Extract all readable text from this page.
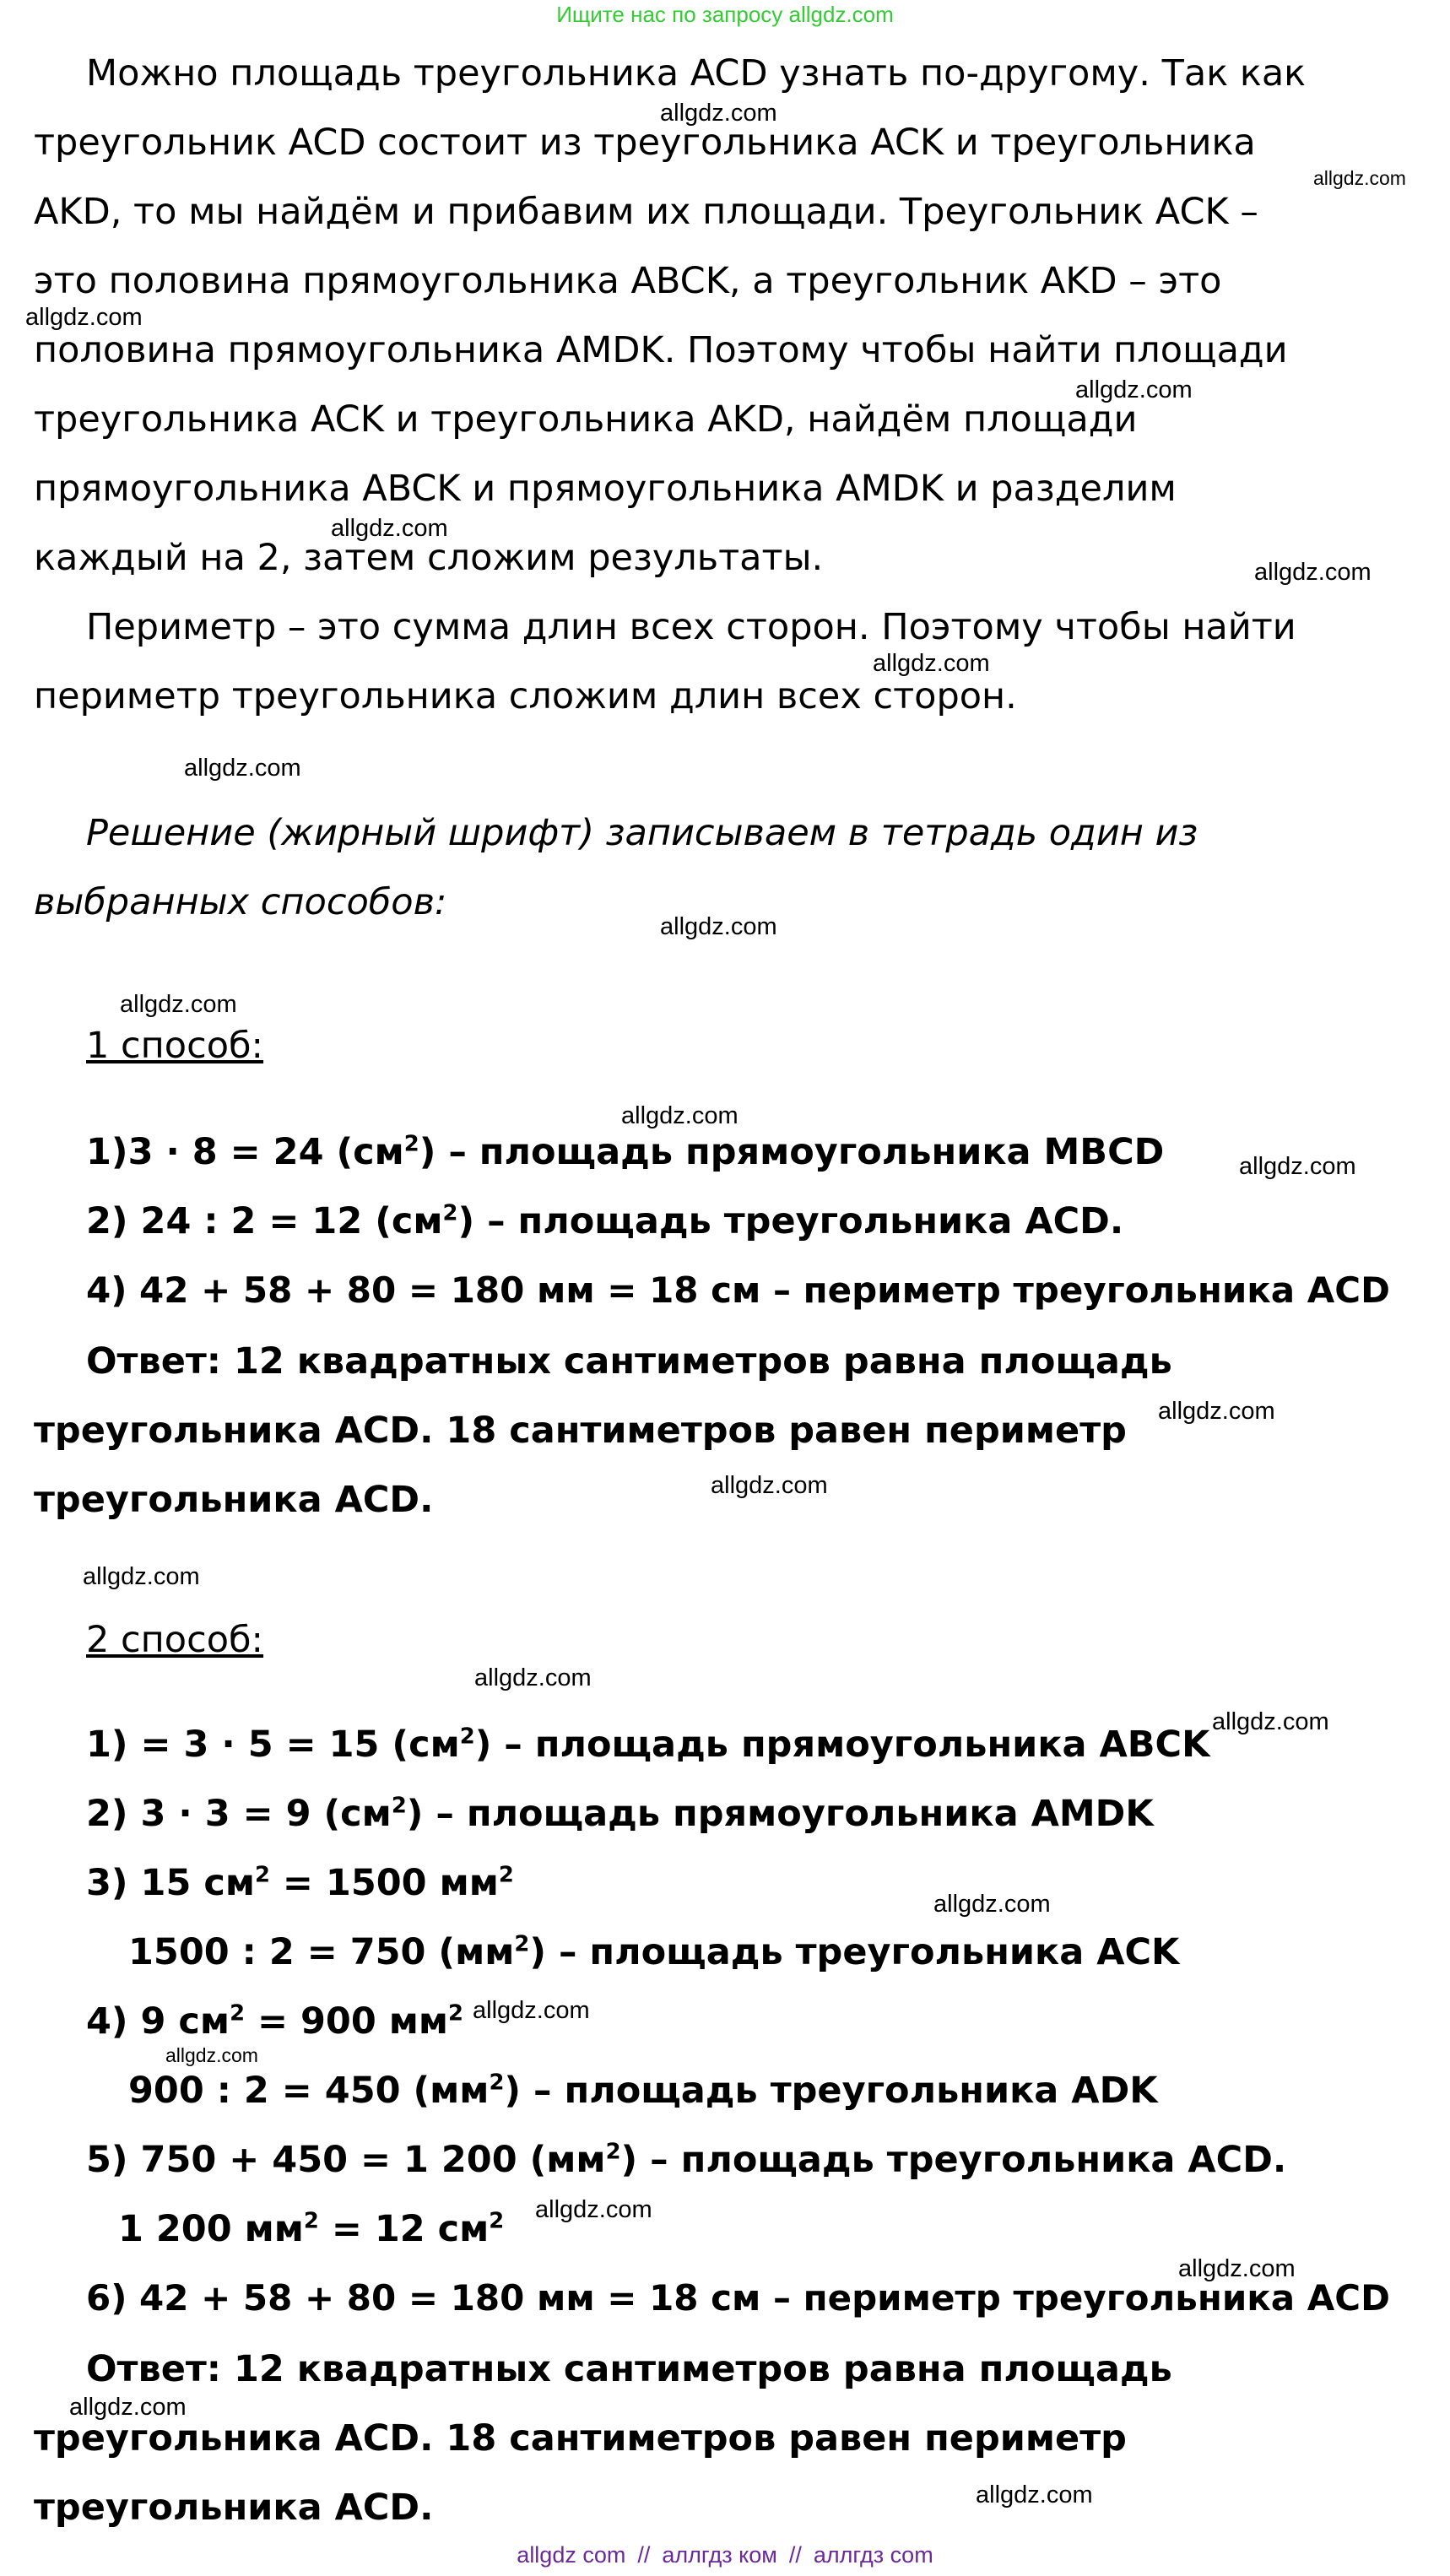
Ищите нас по запросу allgdz.com
Можно площадь треугольника ACD узнать по-другому. Так как
треугольник ACD состоит из треугольника ACK и треугольника
AKD, то мы найдём и прибавим их площади. Треугольник ACK –
это половина прямоугольника ABCK, а треугольник AKD – это
половина прямоугольника AMDK. Поэтому чтобы найти площади
треугольника ACK и треугольника AKD, найдём площади
прямоугольника ABCK и прямоугольника AMDK и разделим
каждый на 2, затем сложим результаты.
Периметр – это сумма длин всех сторон. Поэтому чтобы найти
периметр треугольника сложим длин всех сторон.
Решение (жирный шрифт) записываем в тетрадь один из
выбранных способов:
1 способ:
1)3 · 8 = 24 $(см^2)$ – площадь прямоугольника MBCD
2) 24 : 2 = 12 $(см^2)$ – площадь треугольника ACD.
4) 42 + 58 + 80 = 180 мм = 18 см – периметр треугольника ACD
Ответ: 12 квадратных сантиметров равна площадь
треугольника ACD. 18 сантиметров равен периметр
треугольника ACD.
2 способ:
1) = 3 · 5 = 15 $(см^2)$ – площадь прямоугольника ABCK
2) 3 · 3 = 9 $(см^2)$ – площадь прямоугольника AMDK
3) 15 $см^2 = 1500$ $мм^2$
1500 : 2 = 750 $(мм^2)$ – площадь треугольника ACK
4) 9 $см^2 = 900$ $мм^2$
900 : 2 = 450 $(мм^2)$ – площадь треугольника ADK
5) 750 + 450 = 1 200 $(мм^2)$ – площадь треугольника ACD.
1 200 $мм^2 = 12$ $см^2$
6) 42 + 58 + 80 = 180 мм = 18 см – периметр треугольника ACD
Ответ: 12 квадратных сантиметров равна площадь
треугольника ACD. 18 сантиметров равен периметр
треугольника ACD.
allgdz.com
allgdz.com
allgdz.com
allgdz.com
allgdz.com
allgdz.com
allgdz.com
allgdz.com
allgdz.com
allgdz.com
allgdz.com
allgdz.com
allgdz.com
allgdz.com
allgdz.com
allgdz.com
allgdz.com
allgdz.com
allgdz.com
allgdz.com
allgdz.com
allgdz.com
allgdz.com
allgdz.com
allgdz com // аллгдз ком // аллгдз com
